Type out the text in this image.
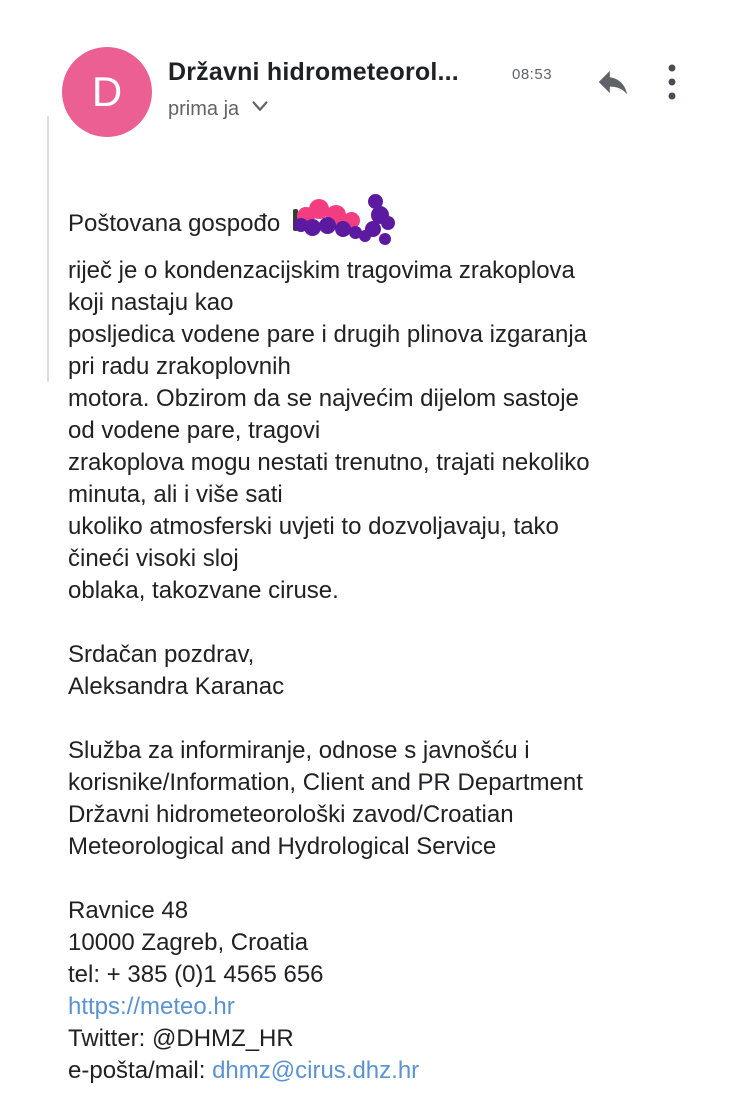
D Državni hidrometeorol...	08:53
prima ja
Poštovana gospođo
riječ je o kondenzacijskim tragovima zrakoplova
koji nastaju kao
posljedica vodene pare i drugih plinova izgaranja
pri radu zrakoplovnih
motora. Obzirom da se najvećim dijelom sastoje
od vodene pare, tragovi
zrakoplova mogu nestati trenutno, trajati nekoliko
minuta, ali i više sati
ukoliko atmosferski uvjeti to dozvoljavaju, tako
čineći visoki sloj
oblaka, takozvane ciruse.
Srdačan pozdrav,
Aleksandra Karanac
Služba za informiranje, odnose s javnošću i
korisnike/Information, Client and PR Department
Državni hidrometeorološki zavod/Croatian
Meteorological and Hydrological Service
Ravnice 48
10000 Zagreb, Croatia
tel: + 385 (0)1 4565 656
https://meteo.hr
Twitter: @DHMZ_HR
e-pošta/mail: dhmz@cirus.dhz.hr
